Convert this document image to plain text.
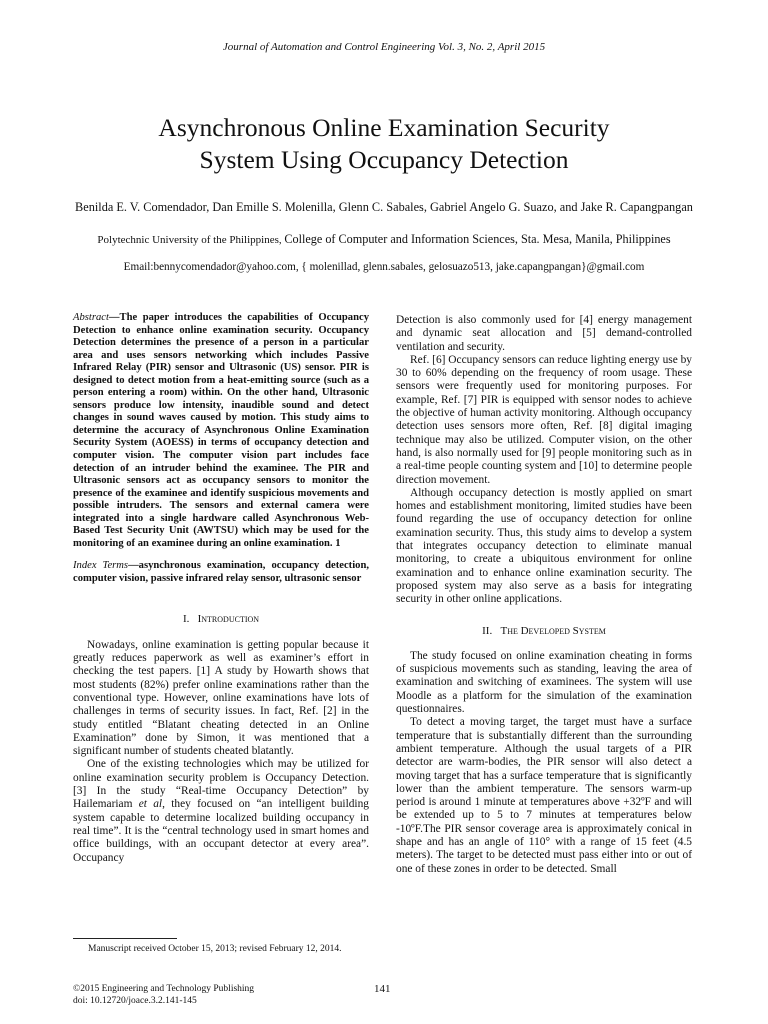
Journal of Automation and Control Engineering Vol. 3, No. 2, April 2015
Asynchronous Online Examination Security
System Using Occupancy Detection
Benilda E. V. Comendador, Dan Emille S. Molenilla, Glenn C. Sabales, Gabriel Angelo G. Suazo, and Jake R. Capangpangan
Polytechnic University of the Philippines, College of Computer and Information Sciences, Sta. Mesa, Manila, Philippines
Email:bennycomendador@yahoo.com, { molenillad, glenn.sabales, gelosuazo513, jake.capangpangan}@gmail.com

Abstract—The paper introduces the capabilities of Occupancy Detection to enhance online examination security. Occupancy Detection determines the presence of a person in a particular area and uses sensors networking which includes Passive Infrared Relay (PIR) sensor and Ultrasonic (US) sensor. PIR is designed to detect motion from a heat-emitting source (such as a person entering a room) within. On the other hand, Ultrasonic sensors produce low intensity, inaudible sound and detect changes in sound waves caused by motion. This study aims to determine the accuracy of Asynchronous Online Examination Security System (AOESS) in terms of occupancy detection and computer vision. The computer vision part includes face detection of an intruder behind the examinee. The PIR and Ultrasonic sensors act as occupancy sensors to monitor the presence of the examinee and identify suspicious movements and possible intruders. The sensors and external camera were integrated into a single hardware called Asynchronous Web-Based Test Security Unit (AWTSU) which may be used for the monitoring of an examinee during an online examination. 1

Index Terms—asynchronous examination, occupancy detection, computer vision, passive infrared relay sensor, ultrasonic sensor

I. Introduction

Nowadays, online examination is getting popular because it greatly reduces paperwork as well as examiner’s effort in checking the test papers. [1] A study by Howarth shows that most students (82%) prefer online examinations rather than the conventional type. However, online examinations have lots of challenges in terms of security issues. In fact, Ref. [2] in the study entitled “Blatant cheating detected in an Online Examination” done by Simon, it was mentioned that a significant number of students cheated blatantly.

One of the existing technologies which may be utilized for online examination security problem is Occupancy Detection. [3] In the study “Real-time Occupancy Detection” by Hailemariam et al, they focused on “an intelligent building system capable to determine localized building occupancy in real time”. It is the “central technology used in smart homes and office buildings, with an occupant detector at every area”. Occupancy

Detection is also commonly used for [4] energy management and dynamic seat allocation and [5] demand-controlled ventilation and security.

Ref. [6] Occupancy sensors can reduce lighting energy use by 30 to 60% depending on the frequency of room usage. These sensors were frequently used for monitoring purposes. For example, Ref. [7] PIR is equipped with sensor nodes to achieve the objective of human activity monitoring. Although occupancy detection uses sensors more often, Ref. [8] digital imaging technique may also be utilized. Computer vision, on the other hand, is also normally used for [9] people monitoring such as in a real-time people counting system and [10] to determine people direction movement.

Although occupancy detection is mostly applied on smart homes and establishment monitoring, limited studies have been found regarding the use of occupancy detection for online examination security. Thus, this study aims to develop a system that integrates occupancy detection to eliminate manual monitoring, to create a ubiquitous environment for online examination and to enhance online examination security. The proposed system may also serve as a basis for integrating security in other online applications.

II. The Developed System

The study focused on online examination cheating in forms of suspicious movements such as standing, leaving the area of examination and switching of examinees. The system will use Moodle as a platform for the simulation of the examination questionnaires.

To detect a moving target, the target must have a surface temperature that is substantially different than the surrounding ambient temperature. Although the usual targets of a PIR detector are warm-bodies, the PIR sensor will also detect a moving target that has a surface temperature that is significantly lower than the ambient temperature. The sensors warm-up period is around 1 minute at temperatures above +32ºF and will be extended up to 5 to 7 minutes at temperatures below -10ºF.The PIR sensor coverage area is approximately conical in shape and has an angle of 110° with a range of 15 feet (4.5 meters). The target to be detected must pass either into or out of one of these zones in order to be detected. Small

Manuscript received October 15, 2013; revised February 12, 2014.
©2015 Engineering and Technology Publishing
doi: 10.12720/joace.3.2.141-145
141
